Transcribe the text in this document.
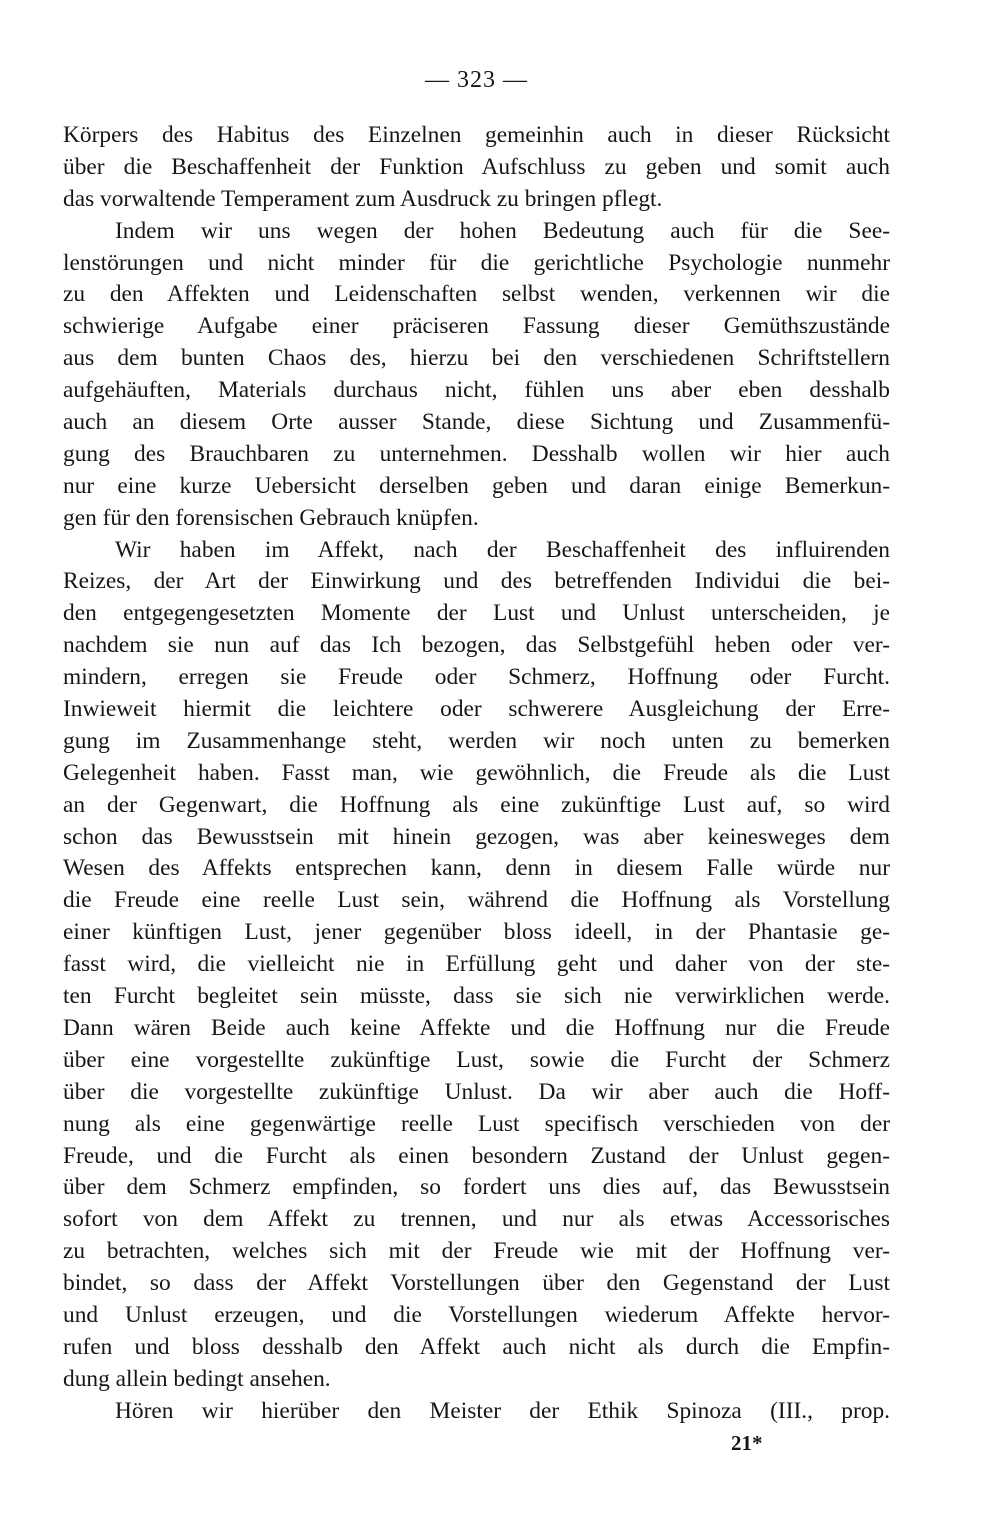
— 323 —
Körpers des Habitus des Einzelnen gemeinhin auch in dieser Rücksicht
über die Beschaffenheit der Funktion Aufschluss zu geben und somit auch
das vorwaltende Temperament zum Ausdruck zu bringen pflegt.
Indem wir uns wegen der hohen Bedeutung auch für die See-
lenstörungen und nicht minder für die gerichtliche Psychologie nunmehr
zu den Affekten und Leidenschaften selbst wenden, verkennen wir die
schwierige Aufgabe einer präciseren Fassung dieser Gemüthszustände
aus dem bunten Chaos des, hierzu bei den verschiedenen Schriftstellern
aufgehäuften, Materials durchaus nicht, fühlen uns aber eben desshalb
auch an diesem Orte ausser Stande, diese Sichtung und Zusammenfü-
gung des Brauchbaren zu unternehmen. Desshalb wollen wir hier auch
nur eine kurze Uebersicht derselben geben und daran einige Bemerkun-
gen für den forensischen Gebrauch knüpfen.
Wir haben im Affekt, nach der Beschaffenheit des influirenden
Reizes, der Art der Einwirkung und des betreffenden Individui die bei-
den entgegengesetzten Momente der Lust und Unlust unterscheiden, je
nachdem sie nun auf das Ich bezogen, das Selbstgefühl heben oder ver-
mindern, erregen sie Freude oder Schmerz, Hoffnung oder Furcht.
Inwieweit hiermit die leichtere oder schwerere Ausgleichung der Erre-
gung im Zusammenhange steht, werden wir noch unten zu bemerken
Gelegenheit haben. Fasst man, wie gewöhnlich, die Freude als die Lust
an der Gegenwart, die Hoffnung als eine zukünftige Lust auf, so wird
schon das Bewusstsein mit hinein gezogen, was aber keinesweges dem
Wesen des Affekts entsprechen kann, denn in diesem Falle würde nur
die Freude eine reelle Lust sein, während die Hoffnung als Vorstellung
einer künftigen Lust, jener gegenüber bloss ideell, in der Phantasie ge-
fasst wird, die vielleicht nie in Erfüllung geht und daher von der ste-
ten Furcht begleitet sein müsste, dass sie sich nie verwirklichen werde.
Dann wären Beide auch keine Affekte und die Hoffnung nur die Freude
über eine vorgestellte zukünftige Lust, sowie die Furcht der Schmerz
über die vorgestellte zukünftige Unlust. Da wir aber auch die Hoff-
nung als eine gegenwärtige reelle Lust specifisch verschieden von der
Freude, und die Furcht als einen besondern Zustand der Unlust gegen-
über dem Schmerz empfinden, so fordert uns dies auf, das Bewusstsein
sofort von dem Affekt zu trennen, und nur als etwas Accessorisches
zu betrachten, welches sich mit der Freude wie mit der Hoffnung ver-
bindet, so dass der Affekt Vorstellungen über den Gegenstand der Lust
und Unlust erzeugen, und die Vorstellungen wiederum Affekte hervor-
rufen und bloss desshalb den Affekt auch nicht als durch die Empfin-
dung allein bedingt ansehen.
Hören wir hierüber den Meister der Ethik Spinoza (III., prop.
21*
